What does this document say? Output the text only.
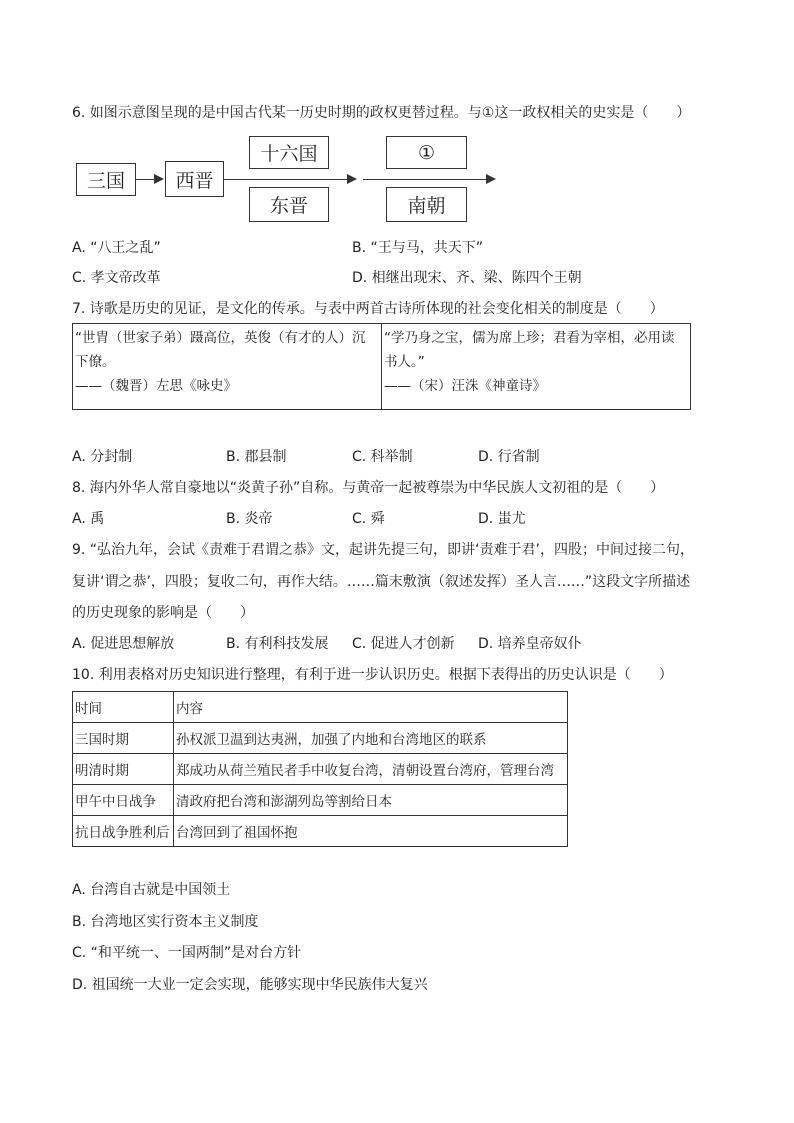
6. 如图示意图呈现的是中国古代某一历史时期的政权更替过程。与①这一政权相关的史实是（　　）
三国	西晋
十六国
东晋
①
南朝
A. “八王之乱”	B. “王与马，共天下”
C. 孝文帝改革	D. 相继出现宋、齐、梁、陈四个王朝
7. 诗歌是历史的见证，是文化的传承。与表中两首古诗所体现的社会变化相关的制度是（　　）
“世胄（世家子弟）蹑高位，英俊（有才的人）沉
下僚。
——（魏晋）左思《咏史》

“学乃身之宝，儒为席上珍；君看为宰相，必用读
书人。”
——（宋）汪洙《神童诗》
A. 分封制	B. 郡县制	C. 科举制	D. 行省制
8. 海内外华人常自豪地以“炎黄子孙”自称。与黄帝一起被尊崇为中华民族人文初祖的是（　　）
A. 禹	B. 炎帝	C. 舜	D. 蚩尤
9. “弘治九年，会试《责难于君谓之恭》文，起讲先提三句，即讲‘责难于君’，四股；中间过接二句，
复讲‘谓之恭’，四股；复收二句，再作大结。……篇末敷演（叙述发挥）圣人言……”这段文字所描述
的历史现象的影响是（　　）
A. 促进思想解放	B. 有利科技发展 C. 促进人才创新 D. 培养皇帝奴仆
10. 利用表格对历史知识进行整理，有利于进一步认识历史。根据下表得出的历史认识是（　　）
时间	内容
三国时期	孙权派卫温到达夷洲，加强了内地和台湾地区的联系
明清时期	郑成功从荷兰殖民者手中收复台湾，清朝设置台湾府，管理台湾
甲午中日战争	清政府把台湾和澎湖列岛等割给日本
抗日战争胜利后	台湾回到了祖国怀抱
A. 台湾自古就是中国领土
B. 台湾地区实行资本主义制度
C. “和平统一、一国两制”是对台方针
D. 祖国统一大业一定会实现，能够实现中华民族伟大复兴
